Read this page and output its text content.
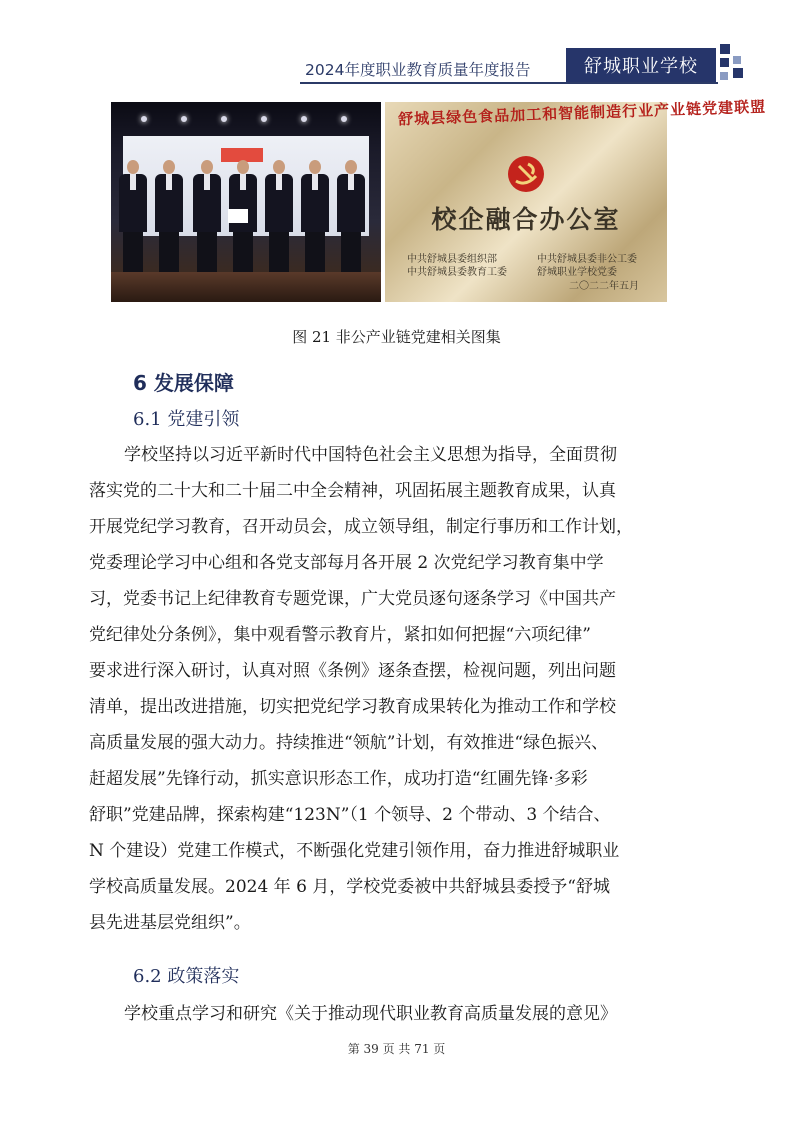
2024年度职业教育质量年度报告	舒城职业学校
舒城县绿色食品加工和智能制造行业产业链党建联盟
校企融合办公室
中共舒城县委组织部	中共舒城县委非公工委
中共舒城县委教育工委	舒城职业学校党委
二〇二二年五月
图 21 非公产业链党建相关图集
6 发展保障
6.1 党建引领
学校坚持以习近平新时代中国特色社会主义思想为指导，全面贯彻
落实党的二十大和二十届二中全会精神，巩固拓展主题教育成果，认真
开展党纪学习教育，召开动员会，成立领导组，制定行事历和工作计划，
党委理论学习中心组和各党支部每月各开展 2 次党纪学习教育集中学
习，党委书记上纪律教育专题党课，广大党员逐句逐条学习《中国共产
党纪律处分条例》，集中观看警示教育片，紧扣如何把握“六项纪律”
要求进行深入研讨，认真对照《条例》逐条查摆，检视问题，列出问题
清单，提出改进措施，切实把党纪学习教育成果转化为推动工作和学校
高质量发展的强大动力。持续推进“领航”计划，有效推进“绿色振兴、
赶超发展”先锋行动，抓实意识形态工作，成功打造“红圃先锋·多彩
舒职”党建品牌，探索构建“123N”（1 个领导、2 个带动、3 个结合、
N 个建设）党建工作模式，不断强化党建引领作用，奋力推进舒城职业
学校高质量发展。2024 年 6 月，学校党委被中共舒城县委授予“舒城
县先进基层党组织”。
6.2 政策落实
学校重点学习和研究《关于推动现代职业教育高质量发展的意见》
第 39 页 共 71 页
